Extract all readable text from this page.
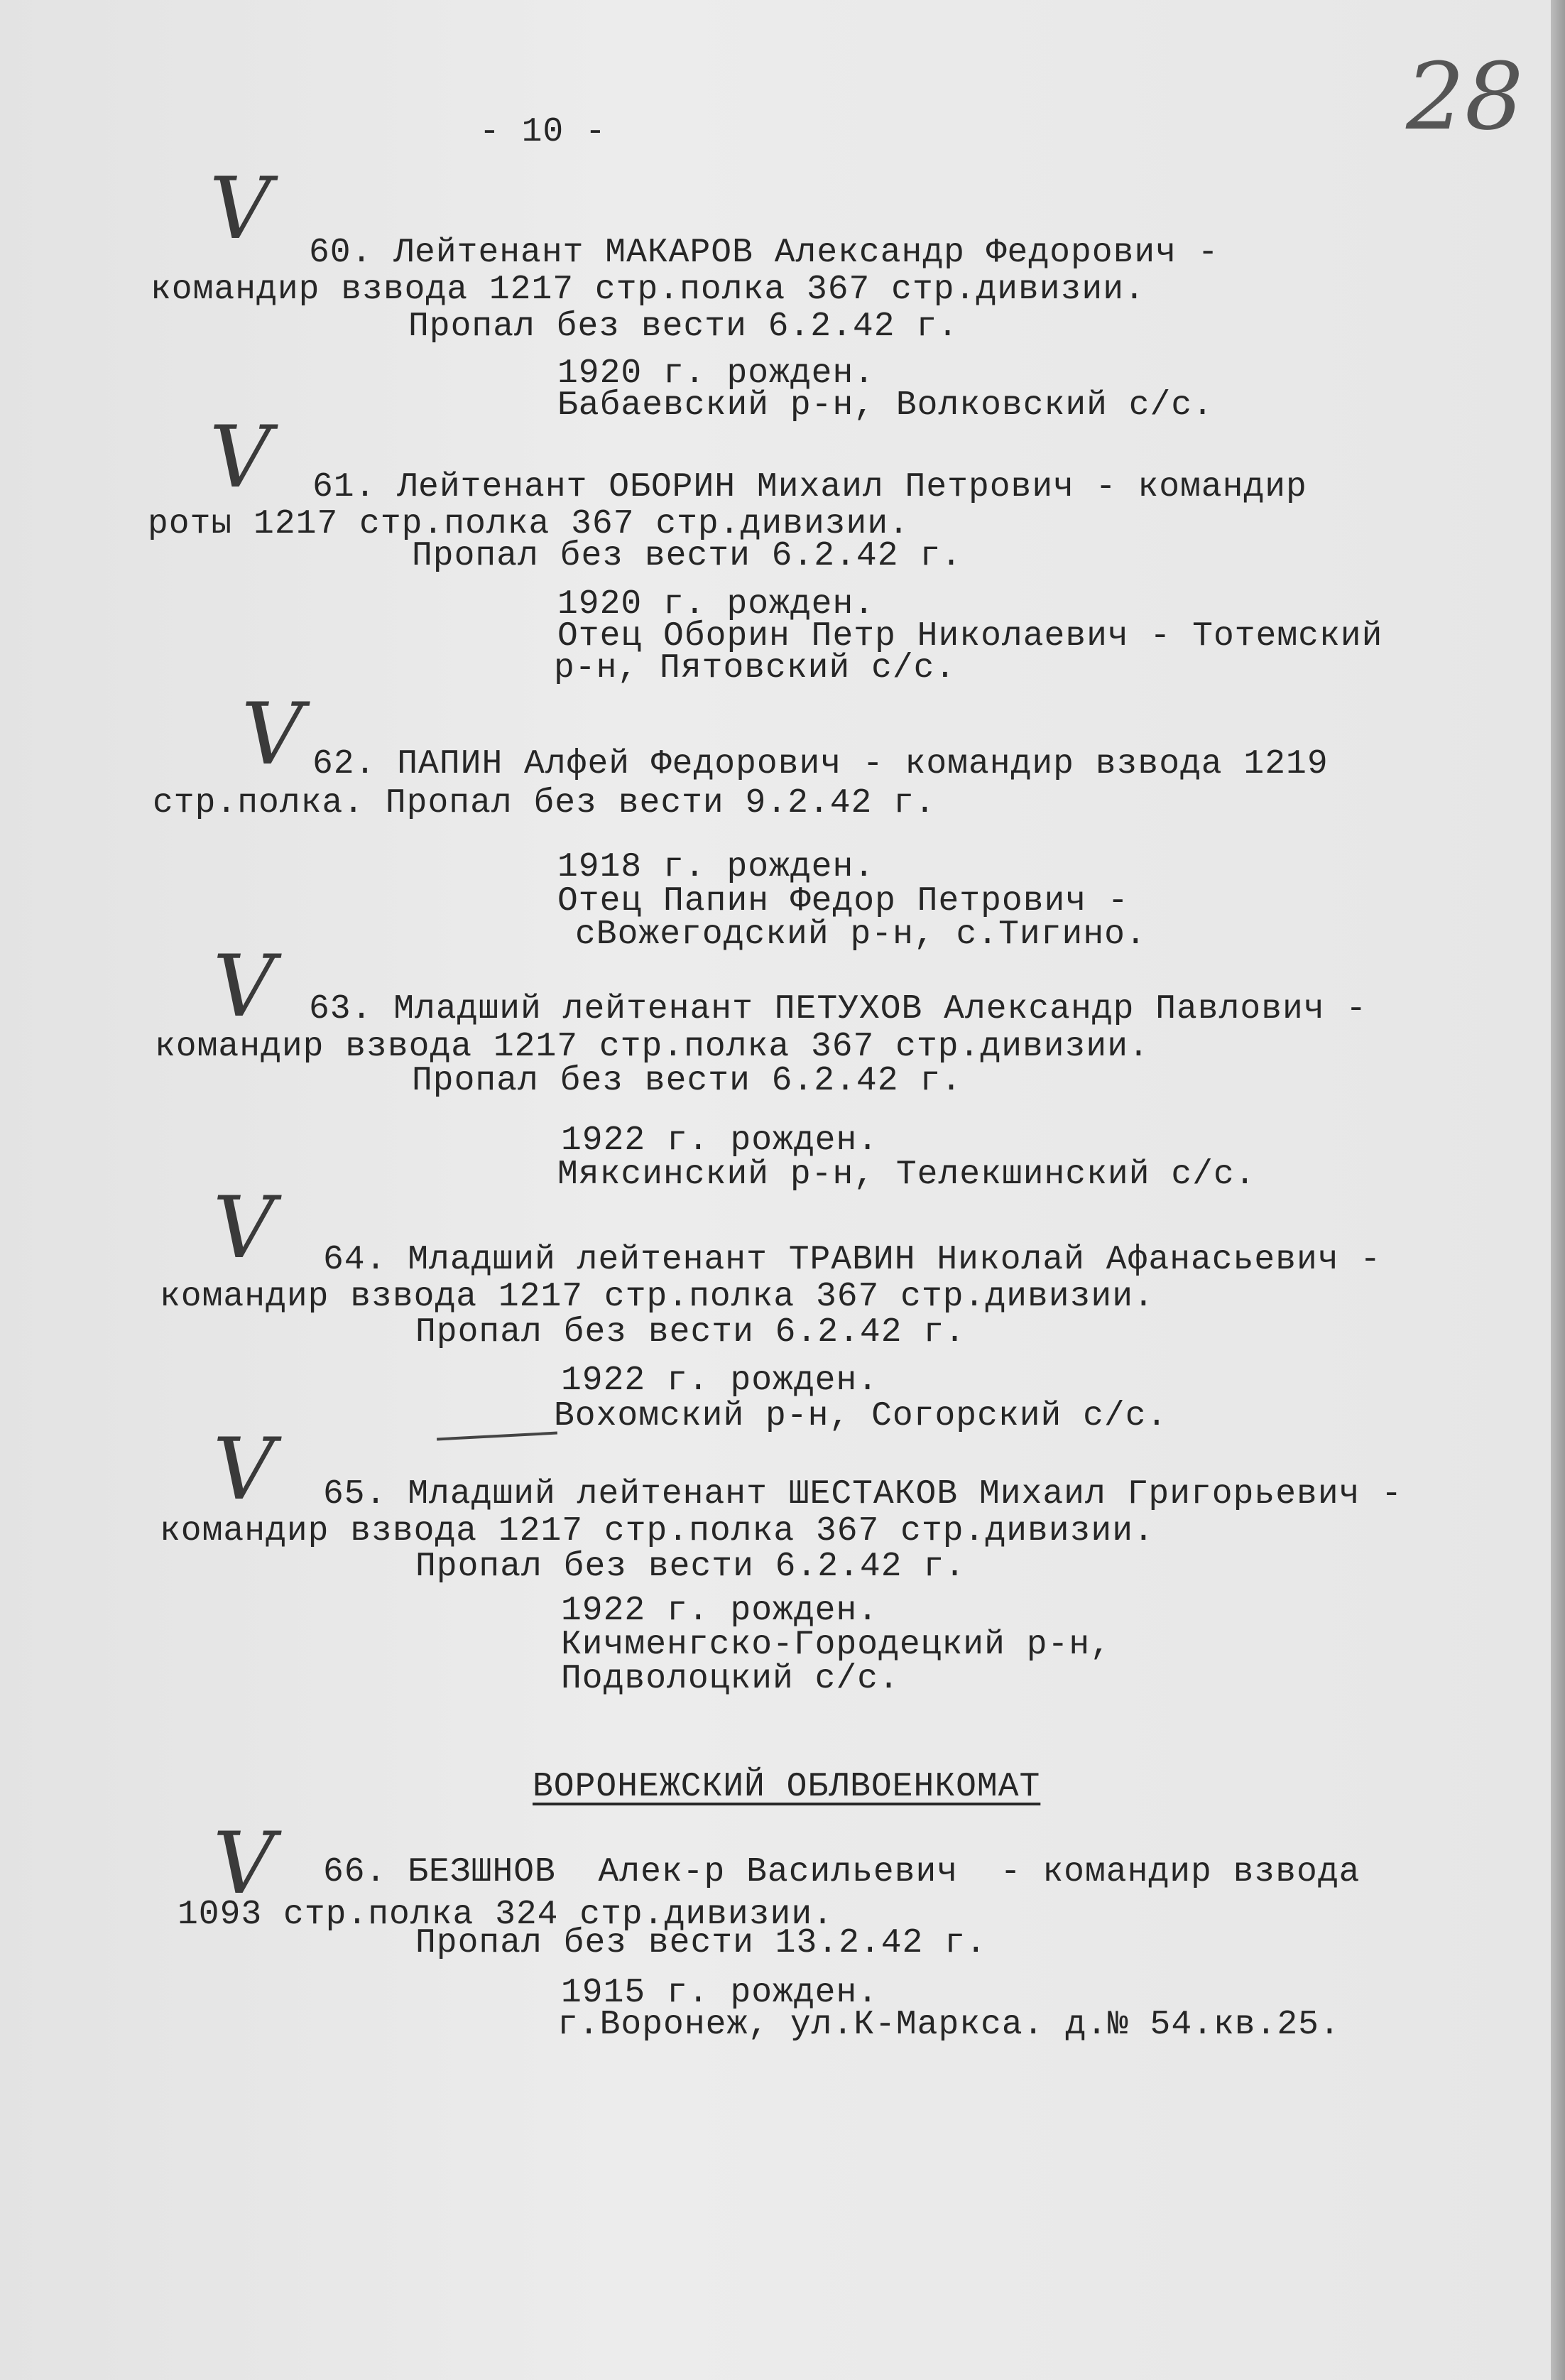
- 10 -	28
V 60. Лейтенант МАКАРОВ Александр Федорович -
командир взвода 1217 стр.полка 367 стр.дивизии.
Пропал без вести 6.2.42 г.
1920 г. рожден.
Бабаевский р-н, Волковский с/с.
V 61. Лейтенант ОБОРИН Михаил Петрович - командир
роты 1217 стр.полка 367 стр.дивизии.
Пропал без вести 6.2.42 г.
1920 г. рожден.
Отец Оборин Петр Николаевич - Тотемский
р-н, Пятовский с/с.
V 62. ПАПИН Алфей Федорович - командир взвода 1219
стр.полка. Пропал без вести 9.2.42 г.
1918 г. рожден.
Отец Папин Федор Петрович -
сВожегодский р-н, с.Тигино.
V 63. Младший лейтенант ПЕТУХОВ Александр Павлович -
командир взвода 1217 стр.полка 367 стр.дивизии.
Пропал без вести 6.2.42 г.
1922 г. рожден.
Мяксинский р-н, Телекшинский с/с.
V 64. Младший лейтенант ТРАВИН Николай Афанасьевич -
командир взвода 1217 стр.полка 367 стр.дивизии.
Пропал без вести 6.2.42 г.
1922 г. рожден.
Вохомский р-н, Согорский с/с.
V 65. Младший лейтенант ШЕСТАКОВ Михаил Григорьевич -
командир взвода 1217 стр.полка 367 стр.дивизии.
Пропал без вести 6.2.42 г.
1922 г. рожден.
Кичменгско-Городецкий р-н,
Подволоцкий с/с.
ВОРОНЕЖСКИЙ ОБЛВОЕНКОМАТ
V 66. БЕЗШНОВ  Алек-р Васильевич  - командир взвода
1093 стр.полка 324 стр.дивизии.
Пропал без вести 13.2.42 г.
1915 г. рожден.
г.Воронеж, ул.К-Маркса. д.№ 54.кв.25.
